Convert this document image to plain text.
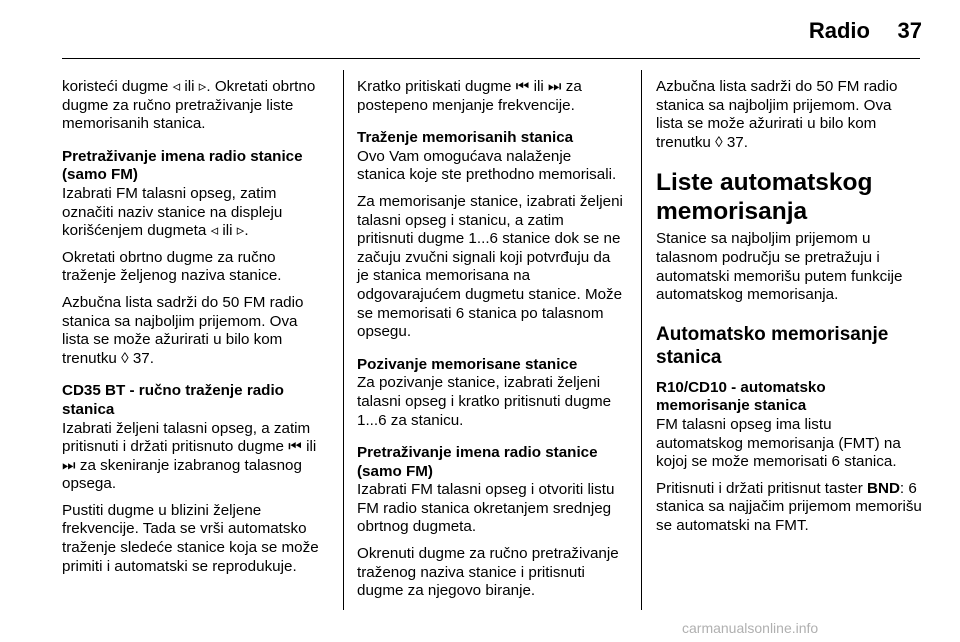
Radio 37

koristeći dugme ◃ ili ▹. Okretati obrtno dugme za ručno pretraživanje liste memorisanih stanica.

Pretraživanje imena radio stanice (samo FM)

Izabrati FM talasni opseg, zatim označiti naziv stanice na displeju korišćenjem dugmeta ◃ ili ▹.

Okretati obrtno dugme za ručno traženje željenog naziva stanice.

Azbučna lista sadrži do 50 FM radio stanica sa najboljim prijemom. Ova lista se može ažurirati u bilo kom trenutku ◊ 37.

CD35 BT - ručno traženje radio stanica

Izabrati željeni talasni opseg, a zatim pritisnuti i držati pritisnuto dugme ⏮ ili ⏭ za skeniranje izabranog talasnog opsega.

Pustiti dugme u blizini željene frekvencije. Tada se vrši automatsko traženje sledeće stanice koja se može primiti i automatski se reprodukuje.

Kratko pritiskati dugme ⏮ ili ⏭ za postepeno menjanje frekvencije.

Traženje memorisanih stanica

Ovo Vam omogućava nalaženje stanica koje ste prethodno memorisali.

Za memorisanje stanice, izabrati željeni talasni opseg i stanicu, a zatim pritisnuti dugme 1...6 stanice dok se ne začuju zvučni signali koji potvrđuju da je stanica memorisana na odgovarajućem dugmetu stanice. Može se memorisati 6 stanica po talasnom opsegu.

Pozivanje memorisane stanice

Za pozivanje stanice, izabrati željeni talasni opseg i kratko pritisnuti dugme 1...6 za stanicu.

Pretraživanje imena radio stanice (samo FM)

Izabrati FM talasni opseg i otvoriti listu FM radio stanica okretanjem srednjeg obrtnog dugmeta.

Okrenuti dugme za ručno pretraživanje traženog naziva stanice i pritisnuti dugme za njegovo biranje.

Azbučna lista sadrži do 50 FM radio stanica sa najboljim prijemom. Ova lista se može ažurirati u bilo kom trenutku ◊ 37.

Liste automatskog memorisanja

Stanice sa najboljim prijemom u talasnom području se pretražuju i automatski memorišu putem funkcije automatskog memorisanja.

Automatsko memorisanje stanica

R10/CD10 - automatsko memorisanje stanica

FM talasni opseg ima listu automatskog memorisanja (FMT) na kojoj se može memorisati 6 stanica.

Pritisnuti i držati pritisnut taster BND: 6 stanica sa najjačim prijemom memorišu se automatski na FMT.

carmanualsonline.info
